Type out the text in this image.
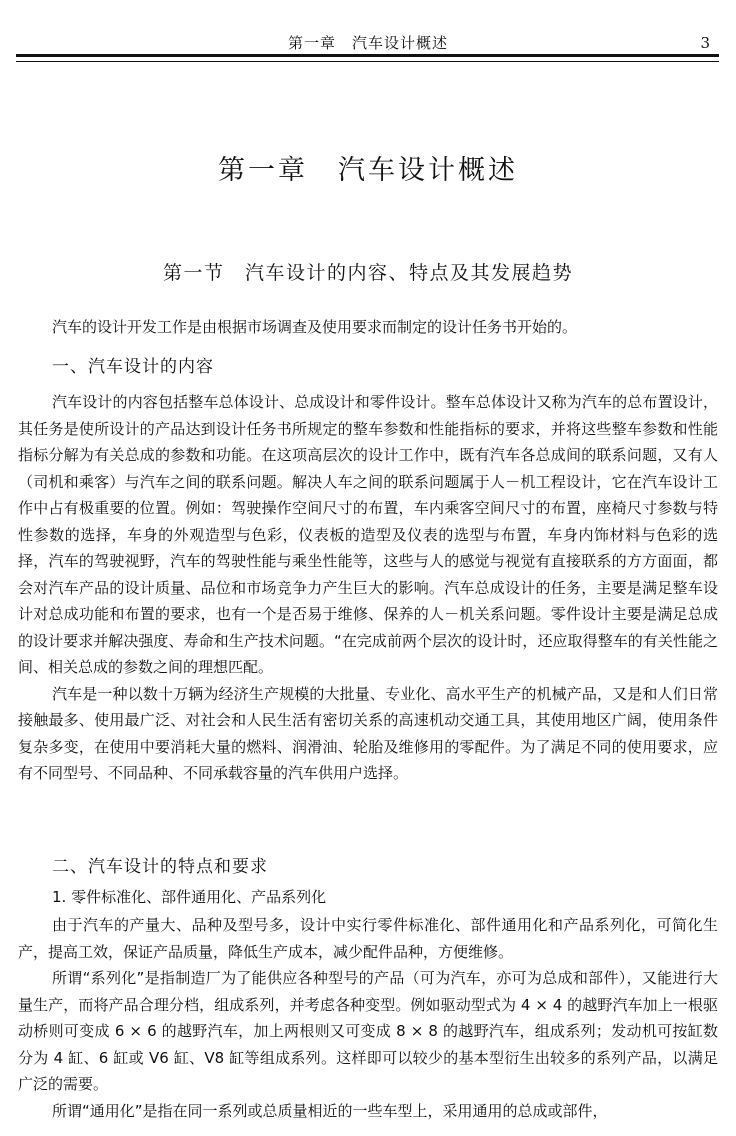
第一章　汽车设计概述	3
第一章　汽车设计概述
第一节　汽车设计的内容、特点及其发展趋势
汽车的设计开发工作是由根据市场调查及使用要求而制定的设计任务书开始的。
一、汽车设计的内容
汽车设计的内容包括整车总体设计、总成设计和零件设计。整车总体设计又称为汽车的总布置设计，其任务是使所设计的产品达到设计任务书所规定的整车参数和性能指标的要求，并将这些整车参数和性能指标分解为有关总成的参数和功能。在这项高层次的设计工作中，既有汽车各总成间的联系问题，又有人（司机和乘客）与汽车之间的联系问题。解决人车之间的联系问题属于人－机工程设计，它在汽车设计工作中占有极重要的位置。例如：驾驶操作空间尺寸的布置，车内乘客空间尺寸的布置，座椅尺寸参数与特性参数的选择，车身的外观造型与色彩，仪表板的造型及仪表的选型与布置，车身内饰材料与色彩的选择，汽车的驾驶视野，汽车的驾驶性能与乘坐性能等，这些与人的感觉与视觉有直接联系的方方面面，都会对汽车产品的设计质量、品位和市场竞争力产生巨大的影响。汽车总成设计的任务，主要是满足整车设计对总成功能和布置的要求，也有一个是否易于维修、保养的人－机关系问题。零件设计主要是满足总成的设计要求并解决强度、寿命和生产技术问题。“在完成前两个层次的设计时，还应取得整车的有关性能之间、相关总成的参数之间的理想匹配。
汽车是一种以数十万辆为经济生产规模的大批量、专业化、高水平生产的机械产品，又是和人们日常接触最多、使用最广泛、对社会和人民生活有密切关系的高速机动交通工具，其使用地区广阔，使用条件复杂多变，在使用中要消耗大量的燃料、润滑油、轮胎及维修用的零配件。为了满足不同的使用要求，应有不同型号、不同品种、不同承载容量的汽车供用户选择。
二、汽车设计的特点和要求
1. 零件标准化、部件通用化、产品系列化
由于汽车的产量大、品种及型号多，设计中实行零件标准化、部件通用化和产品系列化，可简化生产，提高工效，保证产品质量，降低生产成本，减少配件品种，方便维修。
所谓“系列化”是指制造厂为了能供应各种型号的产品（可为汽车，亦可为总成和部件），又能进行大量生产，而将产品合理分档，组成系列，并考虑各种变型。例如驱动型式为 4 × 4 的越野汽车加上一根驱动桥则可变成 6 × 6 的越野汽车，加上两根则又可变成 8 × 8 的越野汽车，组成系列；发动机可按缸数分为 4 缸、6 缸或 V6 缸、V8 缸等组成系列。这样即可以较少的基本型衍生出较多的系列产品，以满足广泛的需要。
所谓“通用化”是指在同一系列或总质量相近的一些车型上，采用通用的总成或部件，
